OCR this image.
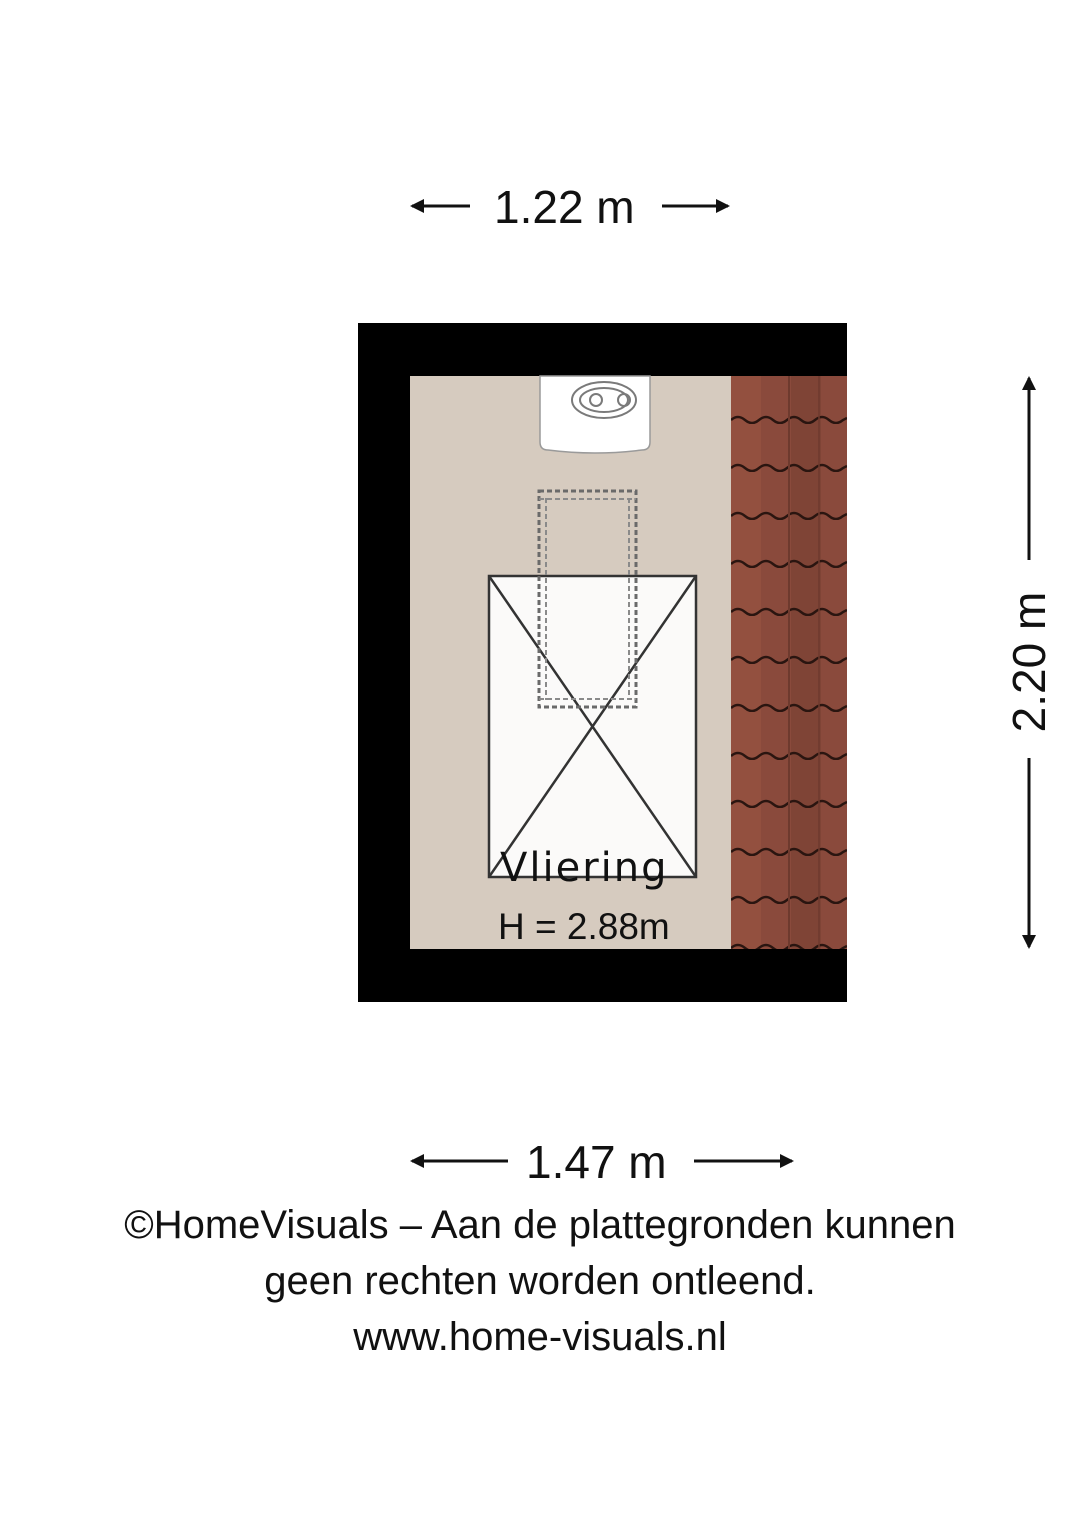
1.22 m
1.47 m
2.20 m
Vliering
H = 2.88m
©HomeVisuals – Aan de plattegronden kunnen
geen rechten worden ontleend.
www.home-visuals.nl
